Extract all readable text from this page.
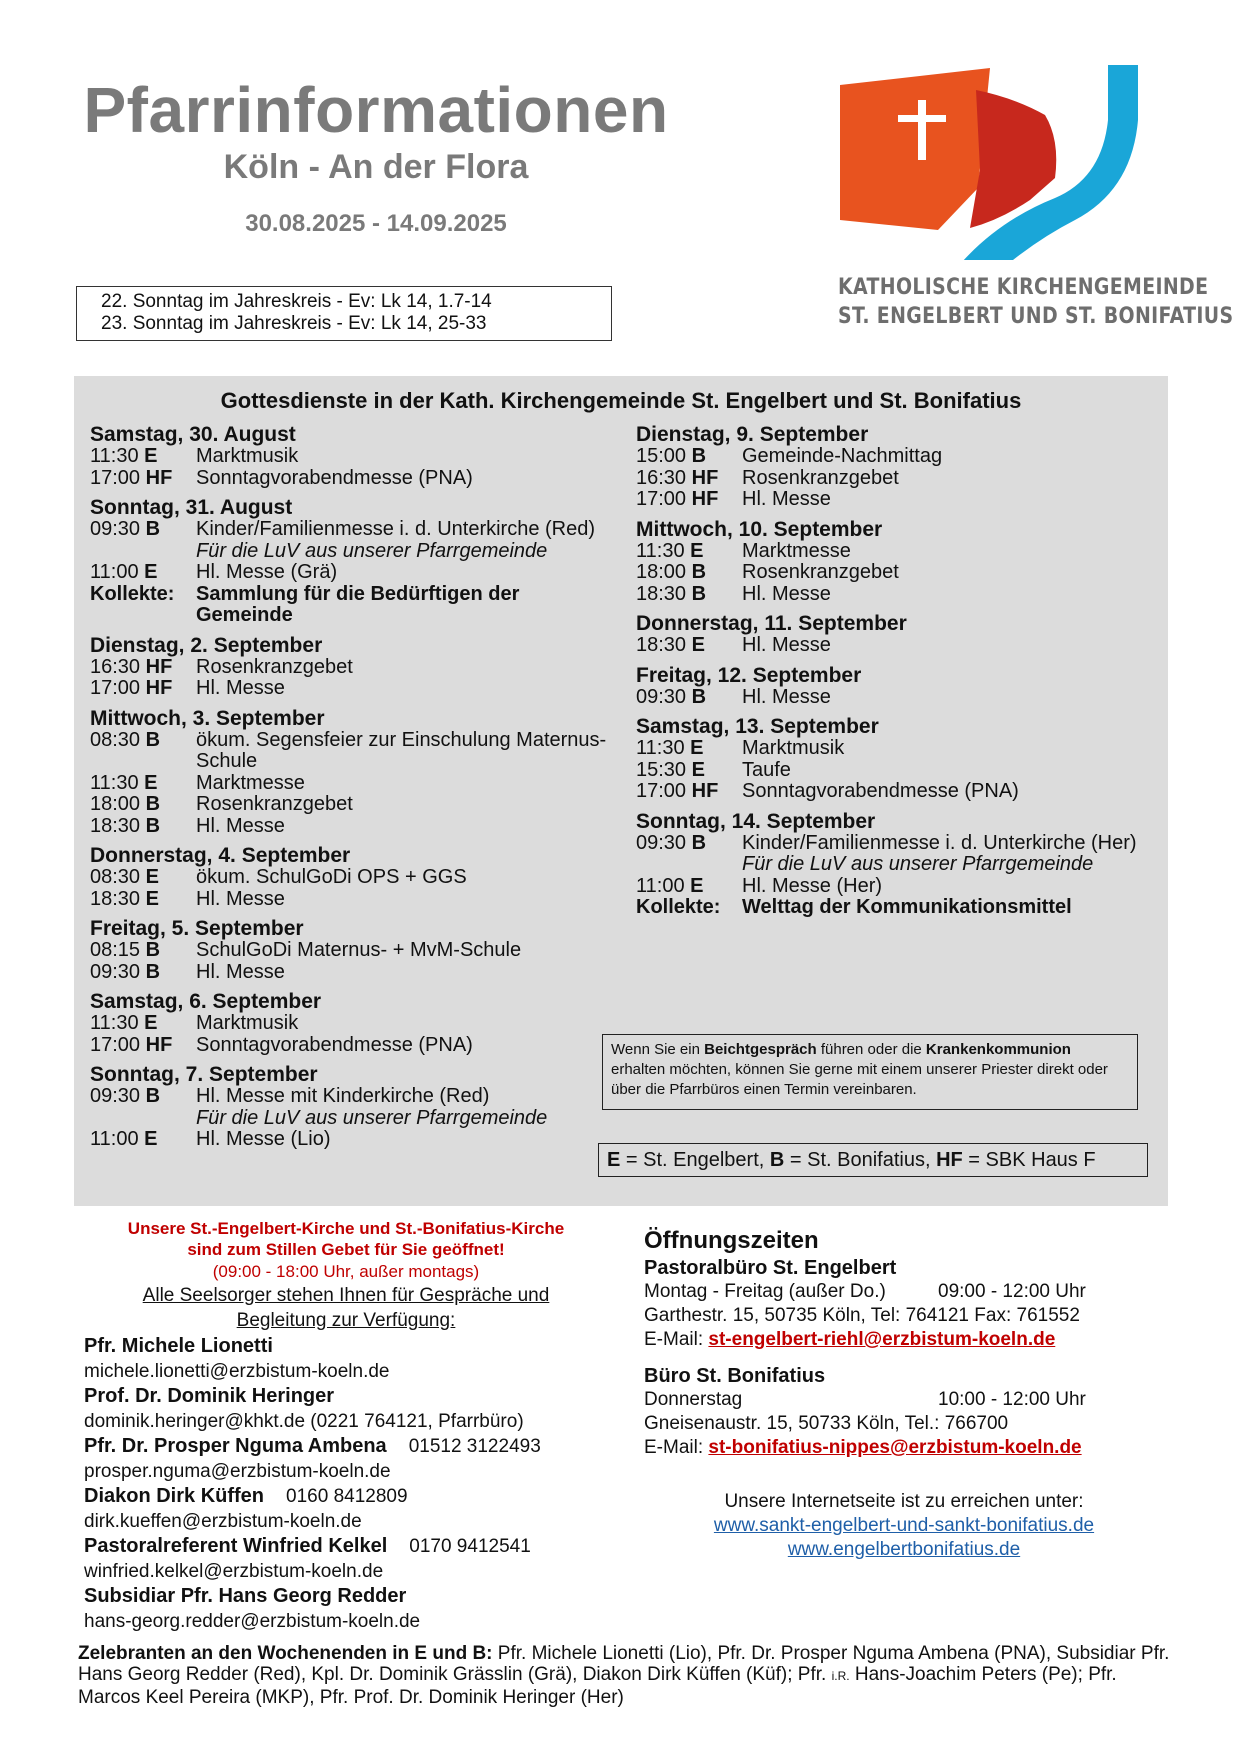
Pfarrinformationen
Köln - An der Flora
30.08.2025 - 14.09.2025
KATHOLISCHE KIRCHENGEMEINDE
ST. ENGELBERT UND ST. BONIFATIUS
22. Sonntag im Jahreskreis - Ev: Lk 14, 1.7-14
23. Sonntag im Jahreskreis - Ev: Lk 14, 25-33
Gottesdienste in der Kath. Kirchengemeinde St. Engelbert und St. Bonifatius
Samstag, 30. August
11:30 E	Marktmusik
17:00 HF	Sonntagvorabendmesse (PNA)
Sonntag, 31. August
09:30 B	Kinder/Familienmesse i. d. Unterkirche (Red)
Für die LuV aus unserer Pfarrgemeinde
11:00 E	Hl. Messe (Grä)
Kollekte:	Sammlung für die Bedürftigen der Gemeinde
Dienstag, 2. September
16:30 HF	Rosenkranzgebet
17:00 HF	Hl. Messe
Mittwoch, 3. September
08:30 B	ökum. Segensfeier zur Einschulung Maternus-Schule
11:30 E	Marktmesse
18:00 B	Rosenkranzgebet
18:30 B	Hl. Messe
Donnerstag, 4. September
08:30 E	ökum. SchulGoDi OPS + GGS
18:30 E	Hl. Messe
Freitag, 5. September
08:15 B	SchulGoDi Maternus- + MvM-Schule
09:30 B	Hl. Messe
Samstag, 6. September
11:30 E	Marktmusik
17:00 HF	Sonntagvorabendmesse (PNA)
Sonntag, 7. September
09:30 B	Hl. Messe mit Kinderkirche (Red)
Für die LuV aus unserer Pfarrgemeinde
11:00 E	Hl. Messe (Lio)
Dienstag, 9. September
15:00 B	Gemeinde-Nachmittag
16:30 HF	Rosenkranzgebet
17:00 HF	Hl. Messe
Mittwoch, 10. September
11:30 E	Marktmesse
18:00 B	Rosenkranzgebet
18:30 B	Hl. Messe
Donnerstag, 11. September
18:30 E	Hl. Messe
Freitag, 12. September
09:30 B	Hl. Messe
Samstag, 13. September
11:30 E	Marktmusik
15:30 E	Taufe
17:00 HF	Sonntagvorabendmesse (PNA)
Sonntag, 14. September
09:30 B	Kinder/Familienmesse i. d. Unterkirche (Her)
Für die LuV aus unserer Pfarrgemeinde
11:00 E	Hl. Messe (Her)
Kollekte:	Welttag der Kommunikationsmittel
Wenn Sie ein Beichtgespräch führen oder die Krankenkommunion erhalten möchten, können Sie gerne mit einem unserer Priester direkt oder über die Pfarrbüros einen Termin vereinbaren.
E = St. Engelbert, B = St. Bonifatius, HF = SBK Haus F
Unsere St.-Engelbert-Kirche und St.-Bonifatius-Kirche
sind zum Stillen Gebet für Sie geöffnet!
(09:00 - 18:00 Uhr, außer montags)
Alle Seelsorger stehen Ihnen für Gespräche und
Begleitung zur Verfügung:
Pfr. Michele Lionetti
michele.lionetti@erzbistum-koeln.de
Prof. Dr. Dominik Heringer
dominik.heringer@khkt.de (0221 764121, Pfarrbüro)
Pfr. Dr. Prosper Nguma Ambena 01512 3122493
prosper.nguma@erzbistum-koeln.de
Diakon Dirk Küffen 0160 8412809
dirk.kueffen@erzbistum-koeln.de
Pastoralreferent Winfried Kelkel 0170 9412541
winfried.kelkel@erzbistum-koeln.de
Subsidiar Pfr. Hans Georg Redder
hans-georg.redder@erzbistum-koeln.de
Öffnungszeiten
Pastoralbüro St. Engelbert
Montag - Freitag (außer Do.)	09:00 - 12:00 Uhr
Garthestr. 15, 50735 Köln, Tel: 764121 Fax: 761552
E-Mail: st-engelbert-riehl@erzbistum-koeln.de
Büro St. Bonifatius
Donnerstag	10:00 - 12:00 Uhr
Gneisenaustr. 15, 50733 Köln, Tel.: 766700
E-Mail: st-bonifatius-nippes@erzbistum-koeln.de
Unsere Internetseite ist zu erreichen unter:
www.sankt-engelbert-und-sankt-bonifatius.de
www.engelbertbonifatius.de
Zelebranten an den Wochenenden in E und B: Pfr. Michele Lionetti (Lio), Pfr. Dr. Prosper Nguma Ambena (PNA), Subsidiar Pfr. Hans Georg Redder (Red), Kpl. Dr. Dominik Grässlin (Grä), Diakon Dirk Küffen (Küf); Pfr. i.R. Hans-Joachim Peters (Pe); Pfr. Marcos Keel Pereira (MKP), Pfr. Prof. Dr. Dominik Heringer (Her)
